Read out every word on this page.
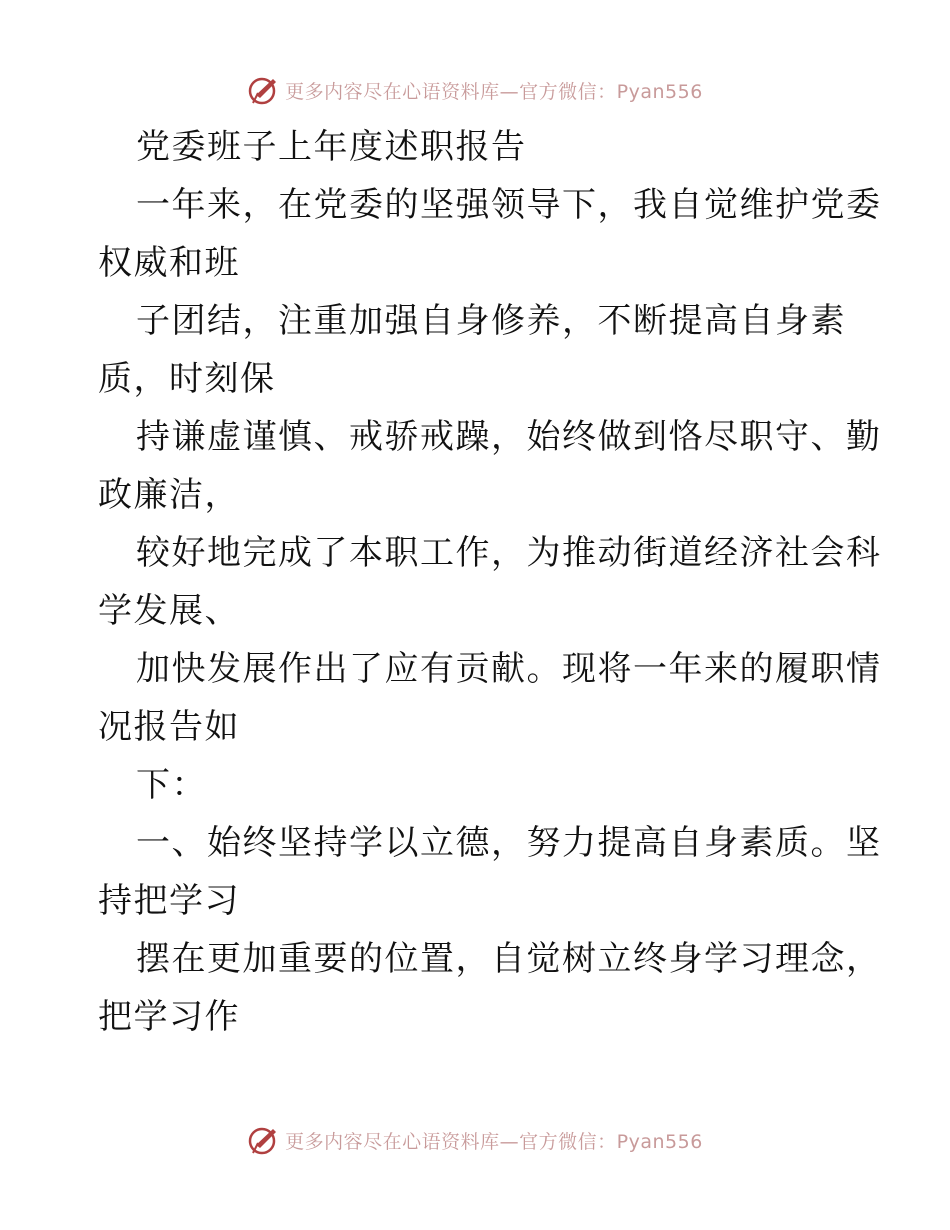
更多内容尽在心语资料库—官方微信：Pyan556
党委班子上年度述职报告
一年来，在党委的坚强领导下，我自觉维护党委
权威和班
子团结，注重加强自身修养，不断提高自身素
质，时刻保
持谦虚谨慎、戒骄戒躁，始终做到恪尽职守、勤
政廉洁，
较好地完成了本职工作，为推动街道经济社会科
学发展、
加快发展作出了应有贡献。现将一年来的履职情
况报告如
下：
一、始终坚持学以立德，努力提高自身素质。坚
持把学习
摆在更加重要的位置，自觉树立终身学习理念，
把学习作
更多内容尽在心语资料库—官方微信：Pyan556
